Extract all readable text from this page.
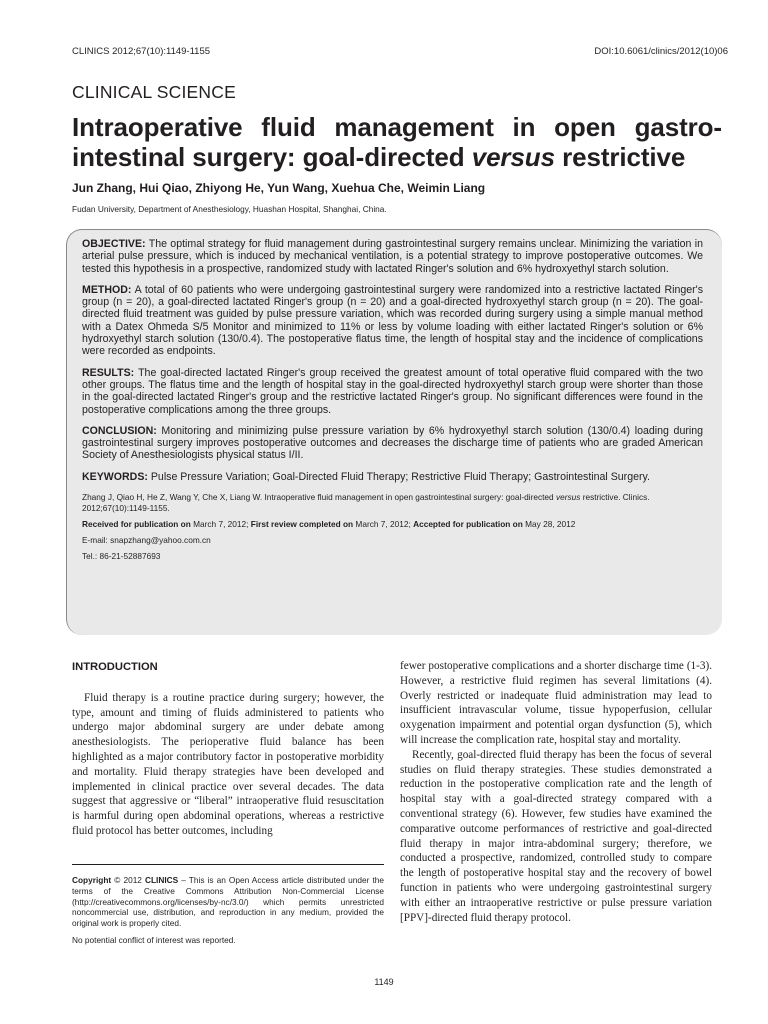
CLINICS 2012;67(10):1149-1155	DOI:10.6061/clinics/2012(10)06
CLINICAL SCIENCE
Intraoperative fluid management in open gastro-intestinal surgery: goal-directed versus restrictive
Jun Zhang, Hui Qiao, Zhiyong He, Yun Wang, Xuehua Che, Weimin Liang
Fudan University, Department of Anesthesiology, Huashan Hospital, Shanghai, China.

OBJECTIVE: The optimal strategy for fluid management during gastrointestinal surgery remains unclear. Minimizing the variation in arterial pulse pressure, which is induced by mechanical ventilation, is a potential strategy to improve postoperative outcomes. We tested this hypothesis in a prospective, randomized study with lactated Ringer's solution and 6% hydroxyethyl starch solution.

METHOD: A total of 60 patients who were undergoing gastrointestinal surgery were randomized into a restrictive lactated Ringer's group (n = 20), a goal-directed lactated Ringer's group (n = 20) and a goal-directed hydroxyethyl starch group (n = 20). The goal-directed fluid treatment was guided by pulse pressure variation, which was recorded during surgery using a simple manual method with a Datex Ohmeda S/5 Monitor and minimized to 11% or less by volume loading with either lactated Ringer's solution or 6% hydroxyethyl starch solution (130/0.4). The postoperative flatus time, the length of hospital stay and the incidence of complications were recorded as endpoints.

RESULTS: The goal-directed lactated Ringer's group received the greatest amount of total operative fluid compared with the two other groups. The flatus time and the length of hospital stay in the goal-directed hydroxyethyl starch group were shorter than those in the goal-directed lactated Ringer's group and the restrictive lactated Ringer's group. No significant differences were found in the postoperative complications among the three groups.

CONCLUSION: Monitoring and minimizing pulse pressure variation by 6% hydroxyethyl starch solution (130/0.4) loading during gastrointestinal surgery improves postoperative outcomes and decreases the discharge time of patients who are graded American Society of Anesthesiologists physical status I/II.

KEYWORDS: Pulse Pressure Variation; Goal-Directed Fluid Therapy; Restrictive Fluid Therapy; Gastrointestinal Surgery.

Zhang J, Qiao H, He Z, Wang Y, Che X, Liang W. Intraoperative fluid management in open gastrointestinal surgery: goal-directed versus restrictive. Clinics. 2012;67(10):1149-1155.

Received for publication on March 7, 2012; First review completed on March 7, 2012; Accepted for publication on May 28, 2012

E-mail: snapzhang@yahoo.com.cn

Tel.: 86-21-52887693

INTRODUCTION

Fluid therapy is a routine practice during surgery; however, the type, amount and timing of fluids administered to patients who undergo major abdominal surgery are under debate among anesthesiologists. The perioperative fluid balance has been highlighted as a major contributory factor in postoperative morbidity and mortality. Fluid therapy strategies have been developed and implemented in clinical practice over several decades. The data suggest that aggressive or “liberal” intraoperative fluid resuscitation is harmful during open abdominal operations, whereas a restrictive fluid protocol has better outcomes, including

fewer postoperative complications and a shorter discharge time (1-3). However, a restrictive fluid regimen has several limitations (4). Overly restricted or inadequate fluid administration may lead to insufficient intravascular volume, tissue hypoperfusion, cellular oxygenation impairment and potential organ dysfunction (5), which will increase the complication rate, hospital stay and mortality.

Recently, goal-directed fluid therapy has been the focus of several studies on fluid therapy strategies. These studies demonstrated a reduction in the postoperative complication rate and the length of hospital stay with a goal-directed strategy compared with a conventional strategy (6). However, few studies have examined the comparative outcome performances of restrictive and goal-directed fluid therapy in major intra-abdominal surgery; therefore, we conducted a prospective, randomized, controlled study to compare the length of postoperative hospital stay and the recovery of bowel function in patients who were undergoing gastrointestinal surgery with either an intraoperative restrictive or pulse pressure variation [PPV]-directed fluid therapy protocol.

Copyright © 2012 CLINICS – This is an Open Access article distributed under the terms of the Creative Commons Attribution Non-Commercial License (http://creativecommons.org/licenses/by-nc/3.0/) which permits unrestricted noncommercial use, distribution, and reproduction in any medium, provided the original work is properly cited.

No potential conflict of interest was reported.

1149
